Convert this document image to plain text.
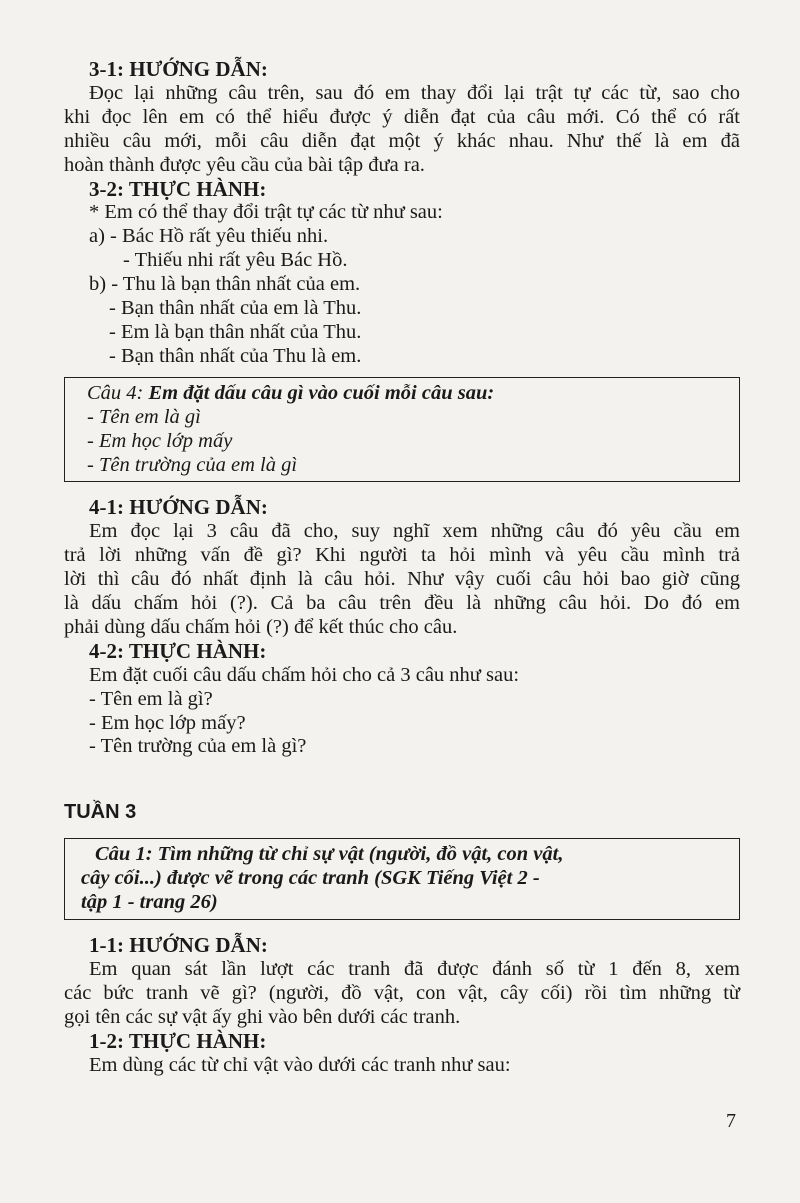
3-1: HƯỚNG DẪN:
Đọc lại những câu trên, sau đó em thay đổi lại trật tự các từ, sao cho
khi đọc lên em có thể hiểu được ý diễn đạt của câu mới. Có thể có rất
nhiều câu mới, mỗi câu diễn đạt một ý khác nhau. Như thế là em đã
hoàn thành được yêu cầu của bài tập đưa ra.
3-2: THỰC HÀNH:
* Em có thể thay đổi trật tự các từ như sau:
a) - Bác Hồ rất yêu thiếu nhi.
- Thiếu nhi rất yêu Bác Hồ.
b) - Thu là bạn thân nhất của em.
- Bạn thân nhất của em là Thu.
- Em là bạn thân nhất của Thu.
- Bạn thân nhất của Thu là em.
Câu 4: Em đặt dấu câu gì vào cuối mỗi câu sau:
- Tên em là gì
- Em học lớp mấy
- Tên trường của em là gì
4-1: HƯỚNG DẪN:
Em đọc lại 3 câu đã cho, suy nghĩ xem những câu đó yêu cầu em
trả lời những vấn đề gì? Khi người ta hỏi mình và yêu cầu mình trả
lời thì câu đó nhất định là câu hỏi. Như vậy cuối câu hỏi bao giờ cũng
là dấu chấm hỏi (?). Cả ba câu trên đều là những câu hỏi. Do đó em
phải dùng dấu chấm hỏi (?) để kết thúc cho câu.
4-2: THỰC HÀNH:
Em đặt cuối câu dấu chấm hỏi cho cả 3 câu như sau:
- Tên em là gì?
- Em học lớp mấy?
- Tên trường của em là gì?
TUẦN 3
Câu 1: Tìm những từ chỉ sự vật (người, đồ vật, con vật,
cây cối...) được vẽ trong các tranh (SGK Tiếng Việt 2 -
tập 1 - trang 26)
1-1: HƯỚNG DẪN:
Em quan sát lần lượt các tranh đã được đánh số từ 1 đến 8, xem
các bức tranh vẽ gì? (người, đồ vật, con vật, cây cối) rồi tìm những từ
gọi tên các sự vật ấy ghi vào bên dưới các tranh.
1-2: THỰC HÀNH:
Em dùng các từ chỉ vật vào dưới các tranh như sau:
7
